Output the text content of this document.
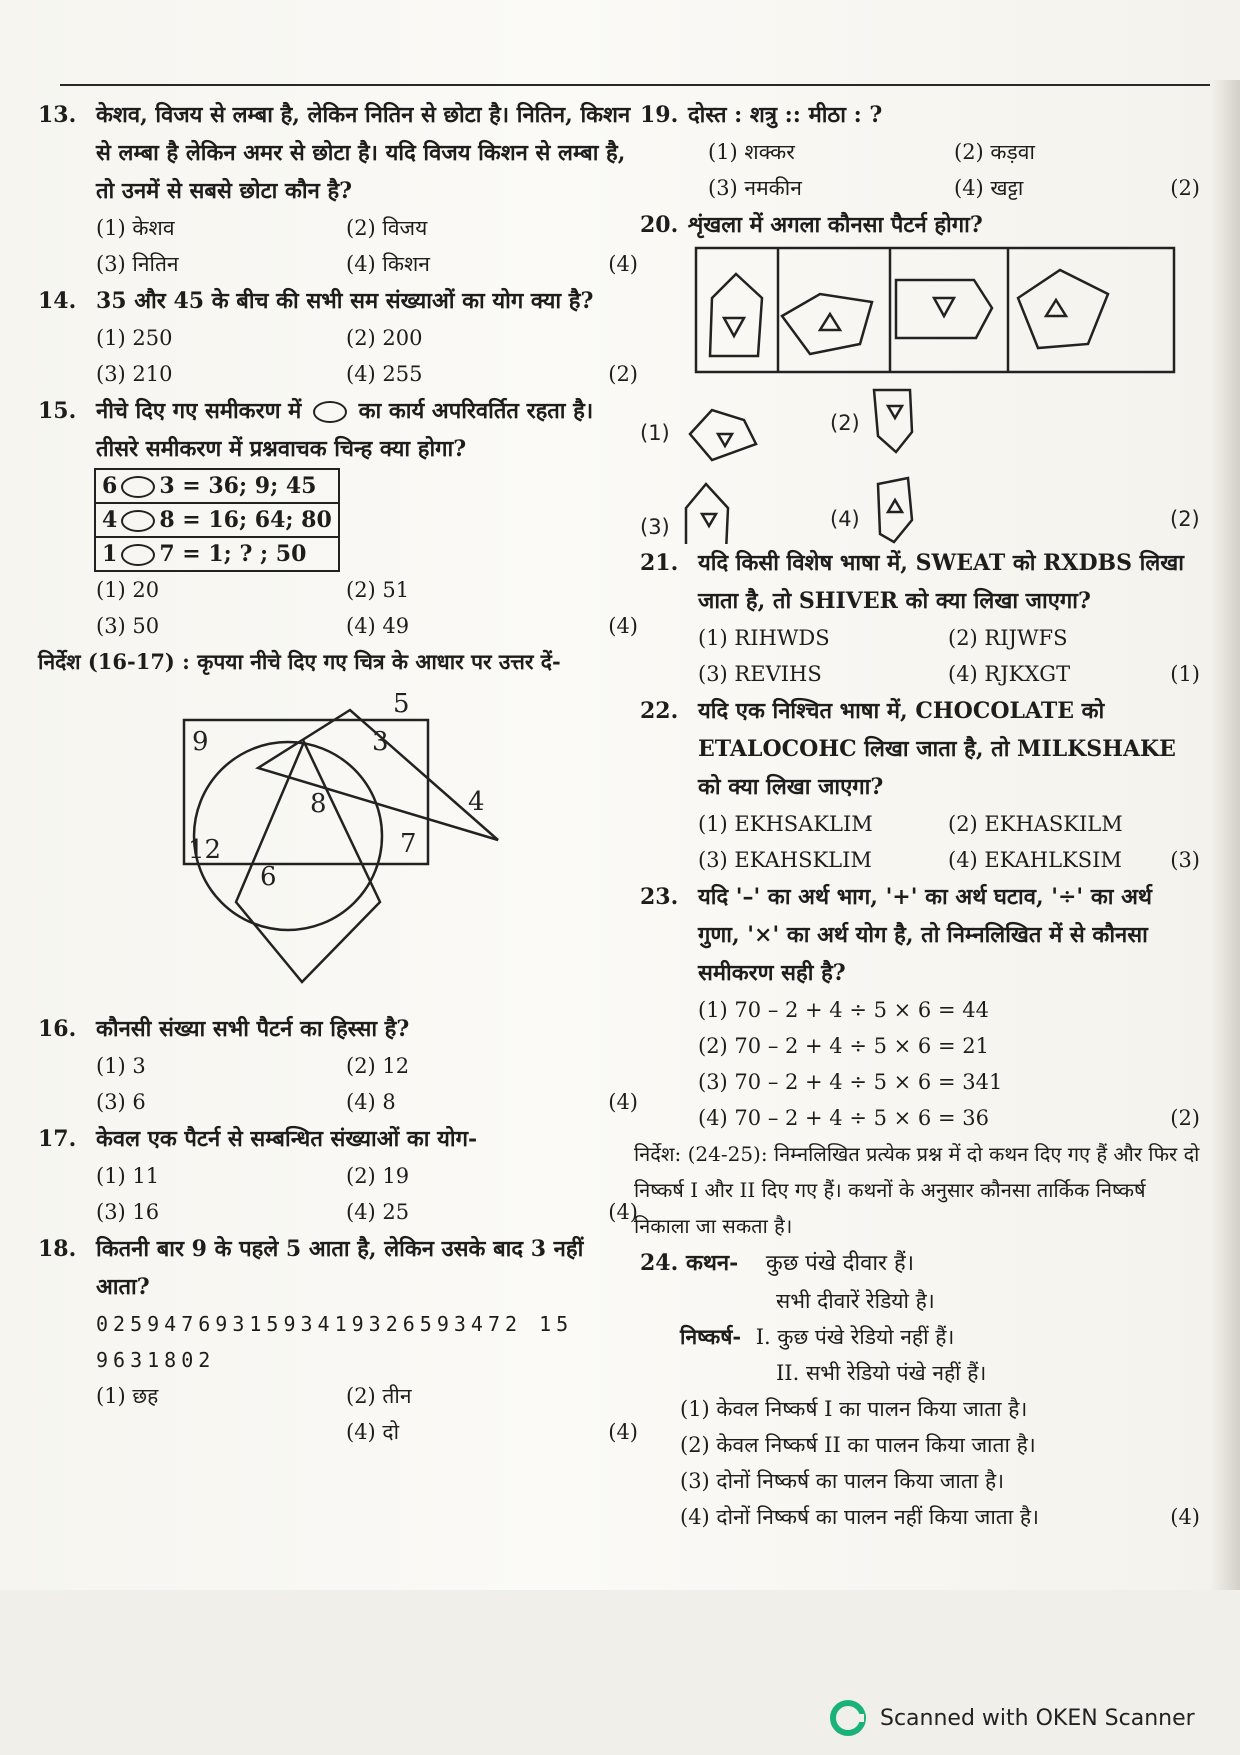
13. केशव, विजय से लम्बा है, लेकिन नितिन से छोटा है। नितिन, किशन से लम्बा है लेकिन अमर से छोटा है। यदि विजय किशन से लम्बा है, तो उनमें से सबसे छोटा कौन है?
(1) केशव	(2) विजय
(3) नितिन	(4) किशन	(4)
14. 35 और 45 के बीच की सभी सम संख्याओं का योग क्या है?
(1) 250	(2) 200
(3) 210	(4) 255	(2)
15. नीचे दिए गए समीकरण में	का कार्य अपरिवर्तित रहता है। तीसरे समीकरण में प्रश्नवाचक चिन्ह क्या होगा?
6 3 = 36; 9; 45
4 8 = 16; 64; 80
1 7 = 1; ? ; 50
(1) 20	(2) 51
(3) 50	(4) 49	(4)
निर्देश (16-17) : कृपया नीचे दिए गए चित्र के आधार पर उत्तर दें-
9
5
3
4
8
12
6
7
16. कौनसी संख्या सभी पैटर्न का हिस्सा है?
(1) 3	(2) 12
(3) 6	(4) 8	(4)
17. केवल एक पैटर्न से सम्बन्धित संख्याओं का योग-
(1) 11	(2) 19
(3) 16	(4) 25	(4)
18. कितनी बार 9 के पहले 5 आता है, लेकिन उसके बाद 3 नहीं आता?
0259476931593419326593472 15
9631802
(1) छह	(2) तीन
(4) दो	(4)
19. दोस्त : शत्रु :: मीठा : ?
(1) शक्कर	(2) कड़वा
(3) नमकीन	(4) खट्टा	(2)
20. शृंखला में अगला कौनसा पैटर्न होगा?
(1)	(2)
(3)	(4)	(2)
21. यदि किसी विशेष भाषा में, SWEAT को RXDBS लिखा जाता है, तो SHIVER को क्या लिखा जाएगा?
(1) RIHWDS	(2) RIJWFS
(3) REVIHS	(4) RJKXGT	(1)
22. यदि एक निश्चित भाषा में, CHOCOLATE को ETALOCOHC लिखा जाता है, तो MILKSHAKE को क्या लिखा जाएगा?
(1) EKHSAKLIM	(2) EKHASKILM
(3) EKAHSKLIM	(4) EKAHLKSIM	(3)
23. यदि '–' का अर्थ भाग, '+' का अर्थ घटाव, '÷' का अर्थ गुणा, '×' का अर्थ योग है, तो निम्नलिखित में से कौनसा समीकरण सही है?
(1) 70 – 2 + 4 ÷ 5 × 6 = 44
(2) 70 – 2 + 4 ÷ 5 × 6 = 21
(3) 70 – 2 + 4 ÷ 5 × 6 = 341
(4) 70 – 2 + 4 ÷ 5 × 6 = 36	(2)
निर्देश: (24-25): निम्नलिखित प्रत्येक प्रश्न में दो कथन दिए गए हैं और फिर दो निष्कर्ष I और II दिए गए हैं। कथनों के अनुसार कौनसा तार्किक निष्कर्ष निकाला जा सकता है।
24. कथन- कुछ पंखे दीवार हैं।
सभी दीवारें रेडियो है।
निष्कर्ष- I. कुछ पंखे रेडियो नहीं हैं।
II. सभी रेडियो पंखे नहीं हैं।
(1) केवल निष्कर्ष I का पालन किया जाता है।
(2) केवल निष्कर्ष II का पालन किया जाता है।
(3) दोनों निष्कर्ष का पालन किया जाता है।
(4) दोनों निष्कर्ष का पालन नहीं किया जाता है।	(4)
Scanned with OKEN Scanner
